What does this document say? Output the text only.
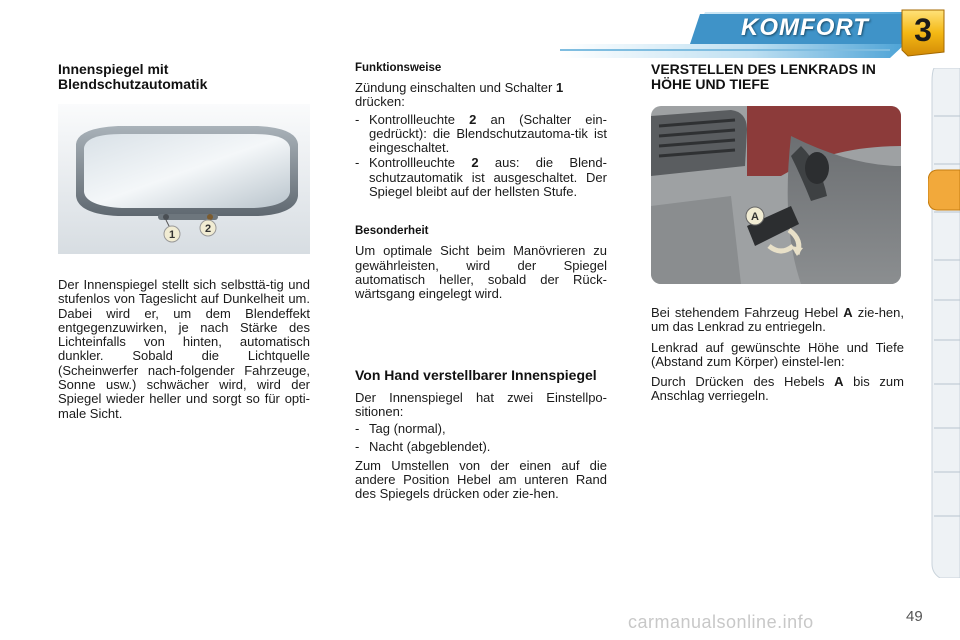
KOMFORT	3
Innenspiegel mit Blendschutzautomatik
1	2

Der Innenspiegel stellt sich selbsttä-tig und stufenlos von Tageslicht auf Dunkelheit um. Dabei wird er, um dem Blendeffekt entgegenzuwirken, je nach Stärke des Lichteinfalls von hinten, automatisch dunkler. Sobald die Lichtquelle (Scheinwerfer nach-folgender Fahrzeuge, Sonne usw.) schwächer wird, wird der Spiegel wieder heller und sorgt so für opti-male Sicht.

Funktionsweise

Zündung einschalten und Schalter 1
drücken:

- Kontrollleuchte 2 an (Schalter ein-gedrückt): die Blendschutzautoma-tik ist eingeschaltet.
- Kontrollleuchte 2 aus: die Blend-schutzautomatik ist ausgeschaltet. Der Spiegel bleibt auf der hellsten Stufe.
Besonderheit

Um optimale Sicht beim Manövrieren zu gewährleisten, wird der Spiegel automatisch heller, sobald der Rück-wärtsgang eingelegt wird.

Von Hand verstellbarer Innenspiegel

Der Innenspiegel hat zwei Einstellpo-sitionen:

- Tag (normal),
- Nacht (abgeblendet).

Zum Umstellen von der einen auf die andere Position Hebel am unteren Rand des Spiegels drücken oder zie-hen.

VERSTELLEN DES LENKRADS IN HÖHE UND TIEFE
A

Bei stehendem Fahrzeug Hebel A zie-hen, um das Lenkrad zu entriegeln.

Lenkrad auf gewünschte Höhe und Tiefe (Abstand zum Körper) einstel-len:

Durch Drücken des Hebels A bis zum Anschlag verriegeln.

carmanualsonline.info	49
